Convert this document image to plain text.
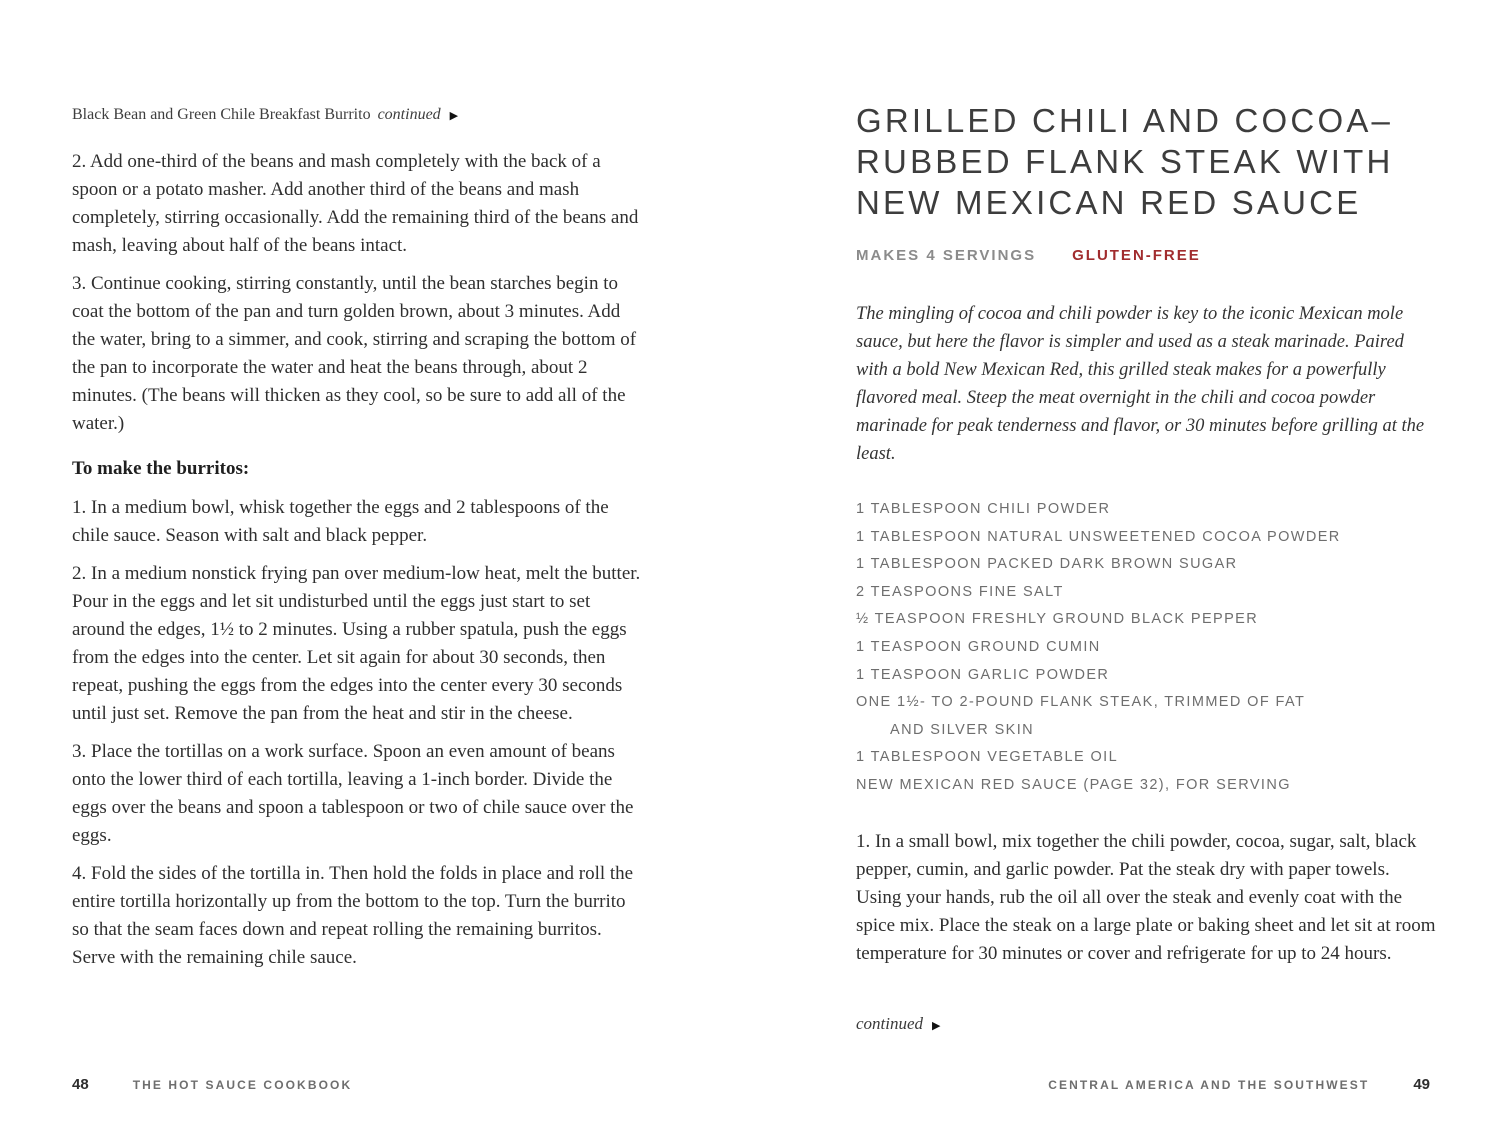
Black Bean and Green Chile Breakfast Burrito continued ▶

2. Add one-third of the beans and mash completely with the back of a spoon or a potato masher. Add another third of the beans and mash completely, stirring occasionally. Add the remaining third of the beans and mash, leaving about half of the beans intact.

3. Continue cooking, stirring constantly, until the bean starches begin to coat the bottom of the pan and turn golden brown, about 3 minutes. Add the water, bring to a simmer, and cook, stirring and scraping the bottom of the pan to incorporate the water and heat the beans through, about 2 minutes. (The beans will thicken as they cool, so be sure to add all of the water.)

To make the burritos:

1. In a medium bowl, whisk together the eggs and 2 tablespoons of the chile sauce. Season with salt and black pepper.

2. In a medium nonstick frying pan over medium-low heat, melt the butter. Pour in the eggs and let sit undisturbed until the eggs just start to set around the edges, 1½ to 2 minutes. Using a rubber spatula, push the eggs from the edges into the center. Let sit again for about 30 seconds, then repeat, pushing the eggs from the edges into the center every 30 seconds until just set. Remove the pan from the heat and stir in the cheese.

3. Place the tortillas on a work surface. Spoon an even amount of beans onto the lower third of each tortilla, leaving a 1-inch border. Divide the eggs over the beans and spoon a tablespoon or two of chile sauce over the eggs.

4. Fold the sides of the tortilla in. Then hold the folds in place and roll the entire tortilla horizontally up from the bottom to the top. Turn the burrito so that the seam faces down and repeat rolling the remaining burritos. Serve with the remaining chile sauce.

GRILLED CHILI AND COCOA–
RUBBED FLANK STEAK WITH
NEW MEXICAN RED SAUCE
MAKES 4 SERVINGS GLUTEN-FREE

The mingling of cocoa and chili powder is key to the iconic Mexican mole sauce, but here the flavor is simpler and used as a steak marinade. Paired with a bold New Mexican Red, this grilled steak makes for a powerfully flavored meal. Steep the meat overnight in the chili and cocoa powder marinade for peak tenderness and flavor, or 30 minutes before grilling at the least.

1 TABLESPOON CHILI POWDER
1 TABLESPOON NATURAL UNSWEETENED COCOA POWDER
1 TABLESPOON PACKED DARK BROWN SUGAR
2 TEASPOONS FINE SALT
½ TEASPOON FRESHLY GROUND BLACK PEPPER
1 TEASPOON GROUND CUMIN
1 TEASPOON GARLIC POWDER
ONE 1½- TO 2-POUND FLANK STEAK, TRIMMED OF FAT
AND SILVER SKIN
1 TABLESPOON VEGETABLE OIL
NEW MEXICAN RED SAUCE (PAGE 32), FOR SERVING

1. In a small bowl, mix together the chili powder, cocoa, sugar, salt, black pepper, cumin, and garlic powder. Pat the steak dry with paper towels. Using your hands, rub the oil all over the steak and evenly coat with the spice mix. Place the steak on a large plate or baking sheet and let sit at room temperature for 30 minutes or cover and refrigerate for up to 24 hours.

continued ▶
48	THE HOT SAUCE COOKBOOK	CENTRAL AMERICA AND THE SOUTHWEST	49
